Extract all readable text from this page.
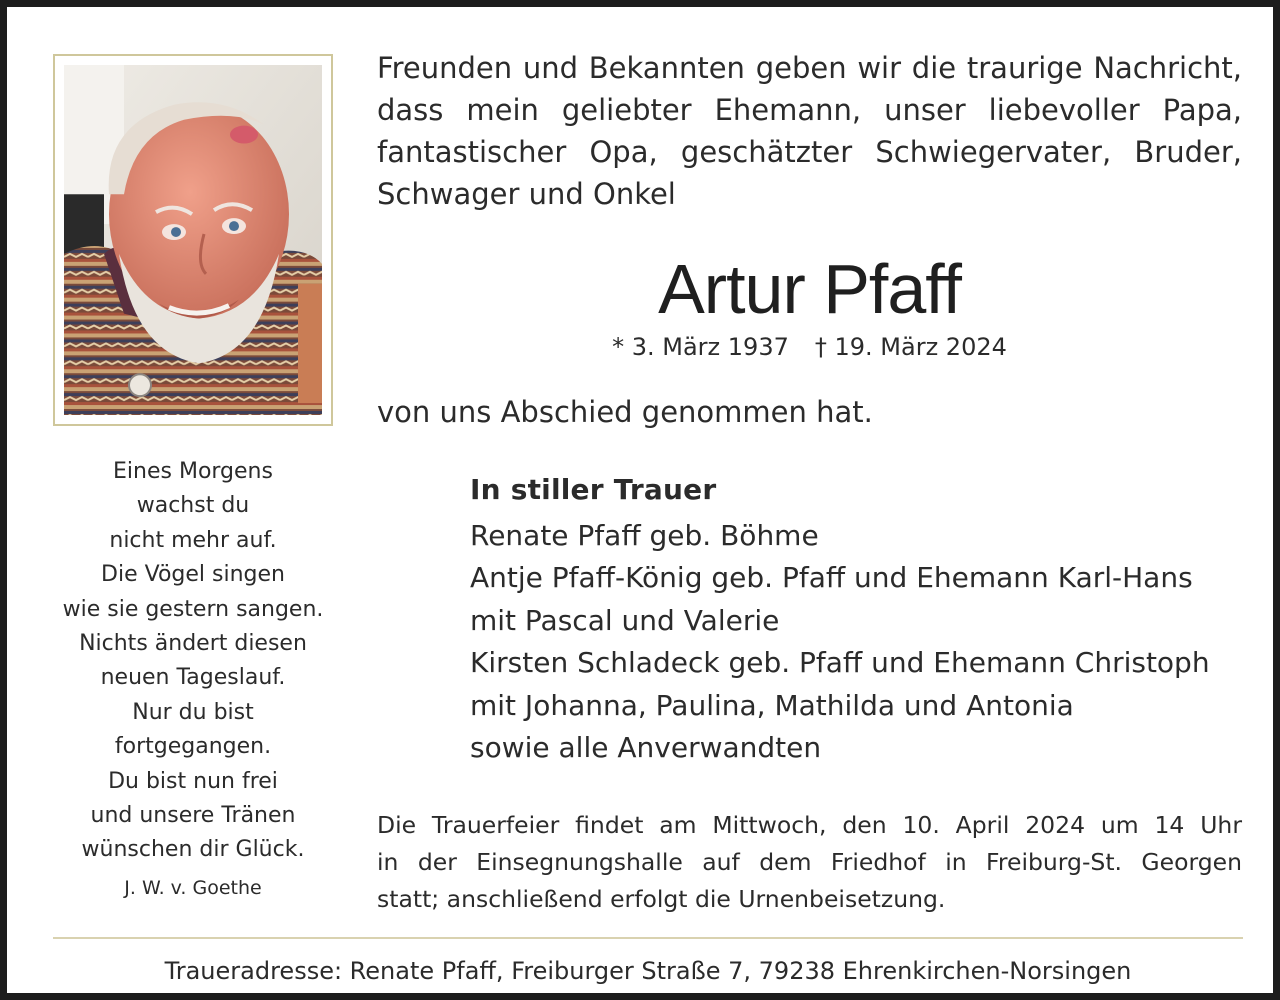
Eines Morgens
wachst du
nicht mehr auf.
Die Vögel singen
wie sie gestern sangen.
Nichts ändert diesen
neuen Tageslauf.
Nur du bist
fortgegangen.
Du bist nun frei
und unsere Tränen
wünschen dir Glück.
J. W. v. Goethe
Freunden und Bekannten geben wir die traurige Nachricht,
dass mein geliebter Ehemann, unser liebevoller Papa,
fantastischer Opa, geschätzter Schwiegervater, Bruder,
Schwager und Onkel
Artur Pfaff
* 3. März 1937 † 19. März 2024
von uns Abschied genommen hat.
In stiller Trauer
Renate Pfaff geb. Böhme
Antje Pfaff-König geb. Pfaff und Ehemann Karl-Hans
mit Pascal und Valerie
Kirsten Schladeck geb. Pfaff und Ehemann Christoph
mit Johanna, Paulina, Mathilda und Antonia
sowie alle Anverwandten
Die Trauerfeier findet am Mittwoch, den 10. April 2024 um 14 Uhr
in der Einsegnungshalle auf dem Friedhof in Freiburg-St. Georgen
statt; anschließend erfolgt die Urnenbeisetzung.
Traueradresse: Renate Pfaff, Freiburger Straße 7, 79238 Ehrenkirchen-Norsingen
